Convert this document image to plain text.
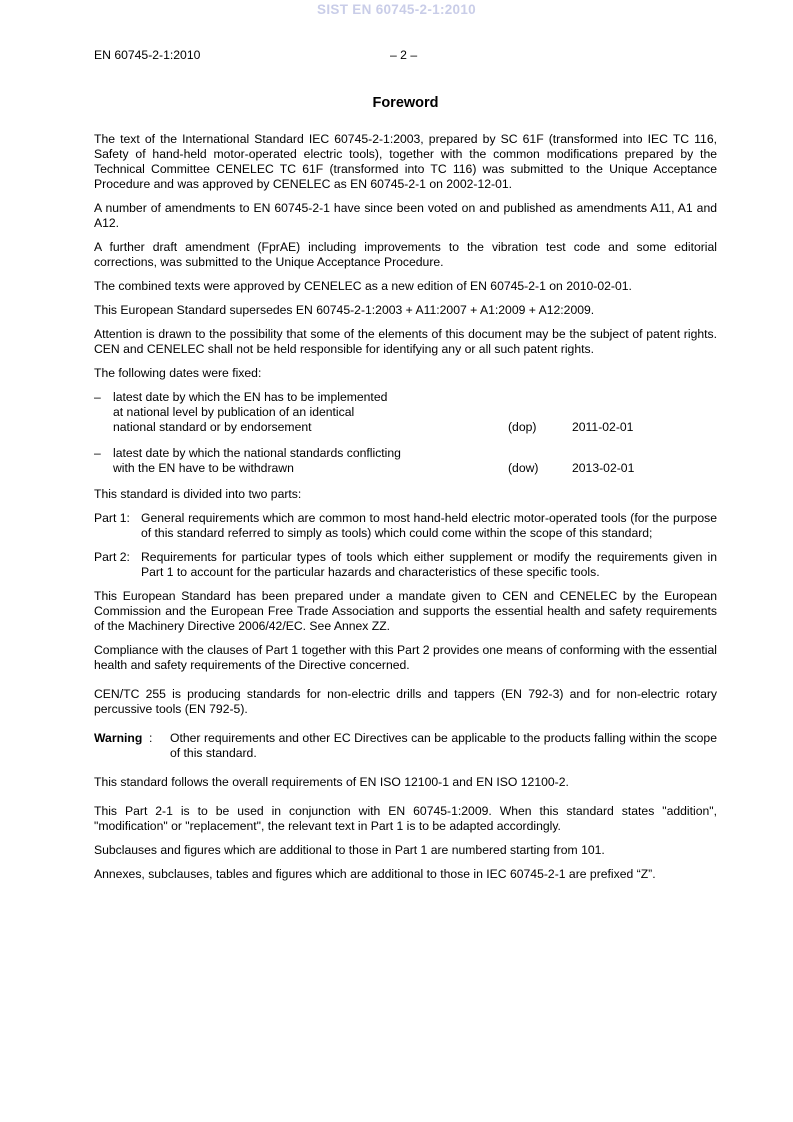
SIST EN 60745-2-1:2010
EN 60745-2-1:2010	– 2 –
Foreword

The text of the International Standard IEC 60745-2-1:2003, prepared by SC 61F (transformed into IEC TC 116, Safety of hand-held motor-operated electric tools), together with the common modifications prepared by the Technical Committee CENELEC TC 61F (transformed into TC 116) was submitted to the Unique Acceptance Procedure and was approved by CENELEC as EN 60745-2-1 on 2002-12-01.

A number of amendments to EN 60745-2-1 have since been voted on and published as amendments A11, A1 and A12.

A further draft amendment (FprAE) including improvements to the vibration test code and some editorial corrections, was submitted to the Unique Acceptance Procedure.

The combined texts were approved by CENELEC as a new edition of EN 60745-2-1 on 2010-02-01.

This European Standard supersedes EN 60745-2-1:2003 + A11:2007 + A1:2009 + A12:2009.

Attention is drawn to the possibility that some of the elements of this document may be the subject of patent rights. CEN and CENELEC shall not be held responsible for identifying any or all such patent rights.

The following dates were fixed:

–	latest date by which the EN has to be implemented
at national level by publication of an identical
national standard or by endorsement	(dop)	2011-02-01
–	latest date by which the national standards conflicting
with the EN have to be withdrawn	(dow)	2013-02-01

This standard is divided into two parts:

Part 1: General requirements which are common to most hand-held electric motor-operated tools (for the purpose of this standard referred to simply as tools) which could come within the scope of this standard;
Part 2: Requirements for particular types of tools which either supplement or modify the requirements given in Part 1 to account for the particular hazards and characteristics of these specific tools.

This European Standard has been prepared under a mandate given to CEN and CENELEC by the European Commission and the European Free Trade Association and supports the essential health and safety requirements of the Machinery Directive 2006/42/EC. See Annex ZZ.

Compliance with the clauses of Part 1 together with this Part 2 provides one means of conforming with the essential health and safety requirements of the Directive concerned.

CEN/TC 255 is producing standards for non-electric drills and tappers (EN 792-3) and for non-electric rotary percussive tools (EN 792-5).

Warning : Other requirements and other EC Directives can be applicable to the products falling within the scope of this standard.

This standard follows the overall requirements of EN ISO 12100-1 and EN ISO 12100-2.

This Part 2-1 is to be used in conjunction with EN 60745-1:2009. When this standard states "addition", "modification" or "replacement", the relevant text in Part 1 is to be adapted accordingly.

Subclauses and figures which are additional to those in Part 1 are numbered starting from 101.

Annexes, subclauses, tables and figures which are additional to those in IEC 60745-2-1 are prefixed “Z”.
